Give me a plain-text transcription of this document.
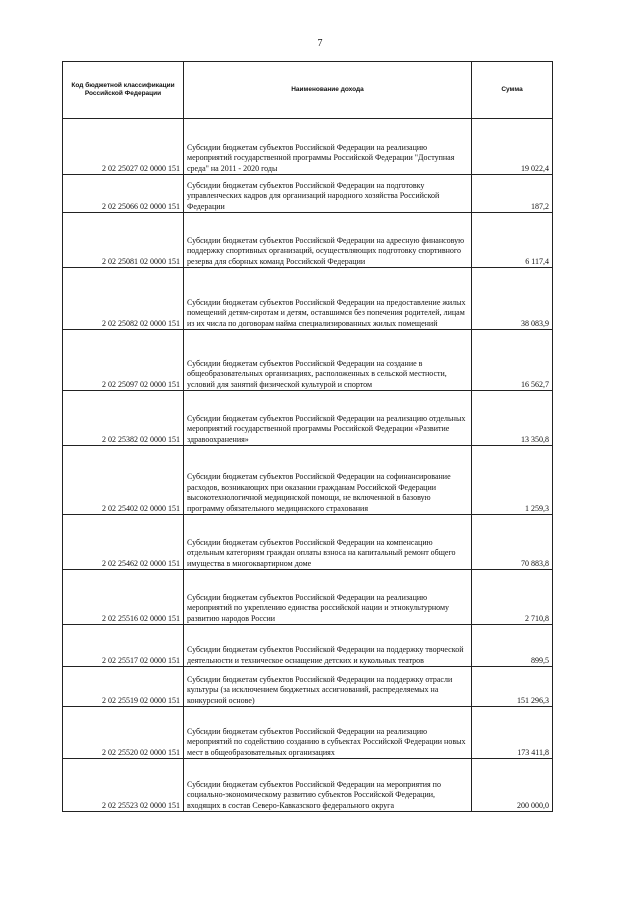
7
Код бюджетной классификации Российской Федерации	Наименование дохода	Сумма
2 02 25027 02 0000 151	Субсидии бюджетам субъектов Российской Федерации на реализацию мероприятий государственной программы Российской Федерации "Доступная среда" на 2011 - 2020 годы	19 022,4
2 02 25066 02 0000 151	Субсидии бюджетам субъектов Российской Федерации на подготовку управленческих кадров для организаций народного хозяйства Российской Федерации	187,2
2 02 25081 02 0000 151	Субсидии бюджетам субъектов Российской Федерации на адресную финансовую поддержку спортивных организаций, осуществляющих подготовку спортивного резерва для сборных команд Российской Федерации	6 117,4
2 02 25082 02 0000 151	Субсидии бюджетам субъектов Российской Федерации на предоставление жилых помещений детям-сиротам и детям, оставшимся без попечения родителей, лицам из их числа по договорам найма специализированных жилых помещений	38 083,9
2 02 25097 02 0000 151	Субсидии бюджетам субъектов Российской Федерации на создание в общеобразовательных организациях, расположенных в сельской местности, условий для занятий физической культурой и спортом	16 562,7
2 02 25382 02 0000 151	Субсидии бюджетам субъектов Российской Федерации на реализацию отдельных мероприятий государственной программы Российской Федерации «Развитие здравоохранения»	13 350,8
2 02 25402 02 0000 151	Субсидии бюджетам субъектов Российской Федерации на софинансирование расходов, возникающих при оказании гражданам Российской Федерации высокотехнологичной медицинской помощи, не включенной в базовую программу обязательного медицинского страхования	1 259,3
2 02 25462 02 0000 151	Субсидии бюджетам субъектов Российской Федерации на компенсацию отдельным категориям граждан оплаты взноса на капитальный ремонт общего имущества в многоквартирном доме	70 883,8
2 02 25516 02 0000 151	Субсидии бюджетам субъектов Российской Федерации на реализацию мероприятий по укреплению единства российской нации и этнокультурному развитию народов России	2 710,8
2 02 25517 02 0000 151	Субсидии бюджетам субъектов Российской Федерации на поддержку творческой деятельности и техническое оснащение детских и кукольных театров	899,5
2 02 25519 02 0000 151	Субсидии бюджетам субъектов Российской Федерации на поддержку отрасли культуры (за исключением бюджетных ассигнований, распределяемых на конкурсной основе)	151 296,3
2 02 25520 02 0000 151	Субсидии бюджетам субъектов Российской Федерации на реализацию мероприятий по содействию созданию в субъектах Российской Федерации новых мест в общеобразовательных организациях	173 411,8
2 02 25523 02 0000 151	Субсидии бюджетам субъектов Российской Федерации на мероприятия по социально-экономическому развитию субъектов Российской Федерации, входящих в состав Северо-Кавказского федерального округа	200 000,0
